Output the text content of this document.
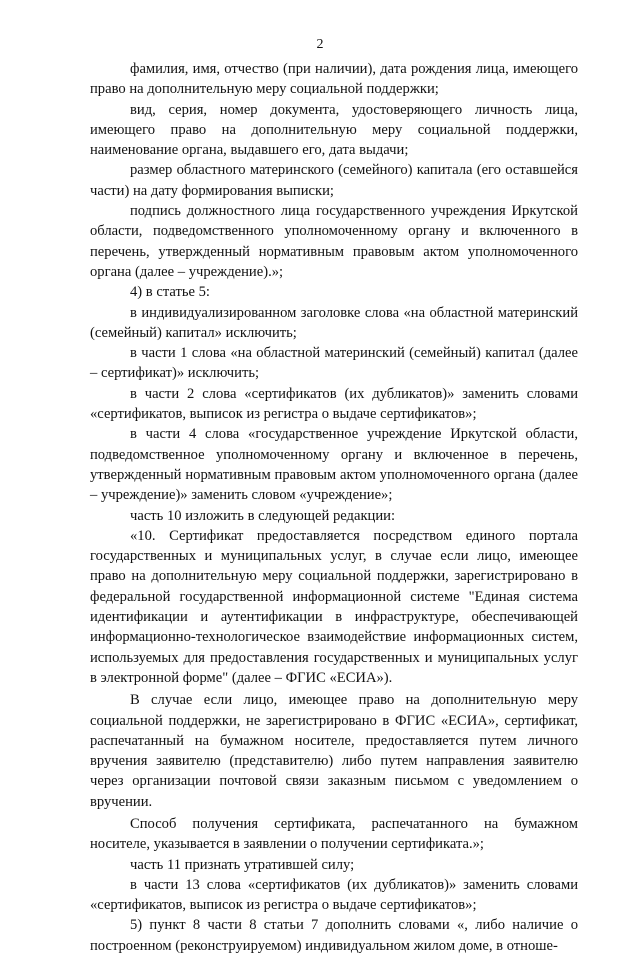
2

фамилия, имя, отчество (при наличии), дата рождения лица, имеющего право на дополнительную меру социальной поддержки;

вид, серия, номер документа, удостоверяющего личность лица, имеющего право на дополнительную меру социальной поддержки, наименование органа, выдавшего его, дата выдачи;

размер областного материнского (семейного) капитала (его оставшейся части) на дату формирования выписки;

подпись должностного лица государственного учреждения Иркутской области, подведомственного уполномоченному органу и включенного в перечень, утвержденный нормативным правовым актом уполномоченного органа (далее – учреждение).»;

4) в статье 5:

в индивидуализированном заголовке слова «на областной материнский (семейный) капитал» исключить;

в части 1 слова «на областной материнский (семейный) капитал (далее – сертификат)» исключить;

в части 2 слова «сертификатов (их дубликатов)» заменить словами «сертификатов, выписок из регистра о выдаче сертификатов»;

в части 4 слова «государственное учреждение Иркутской области, подведомственное уполномоченному органу и включенное в перечень, утвержденный нормативным правовым актом уполномоченного органа (далее – учреждение)» заменить словом «учреждение»;

часть 10 изложить в следующей редакции:

«10. Сертификат предоставляется посредством единого портала государственных и муниципальных услуг, в случае если лицо, имеющее право на дополнительную меру социальной поддержки, зарегистрировано в федеральной государственной информационной системе "Единая система идентификации и аутентификации в инфраструктуре, обеспечивающей информационно-технологическое взаимодействие информационных систем, используемых для предоставления государственных и муниципальных услуг в электронной форме" (далее – ФГИС «ЕСИА»).

В случае если лицо, имеющее право на дополнительную меру социальной поддержки, не зарегистрировано в ФГИС «ЕСИА», сертификат, распечатанный на бумажном носителе, предоставляется путем личного вручения заявителю (представителю) либо путем направления заявителю через организации почтовой связи заказным письмом с уведомлением о вручении.

Способ получения сертификата, распечатанного на бумажном носителе, указывается в заявлении о получении сертификата.»;

часть 11 признать утратившей силу;

в части 13 слова «сертификатов (их дубликатов)» заменить словами «сертификатов, выписок из регистра о выдаче сертификатов»;

5) пункт 8 части 8 статьи 7 дополнить словами «, либо наличие о построенном (реконструируемом) индивидуальном жилом доме, в отноше-
